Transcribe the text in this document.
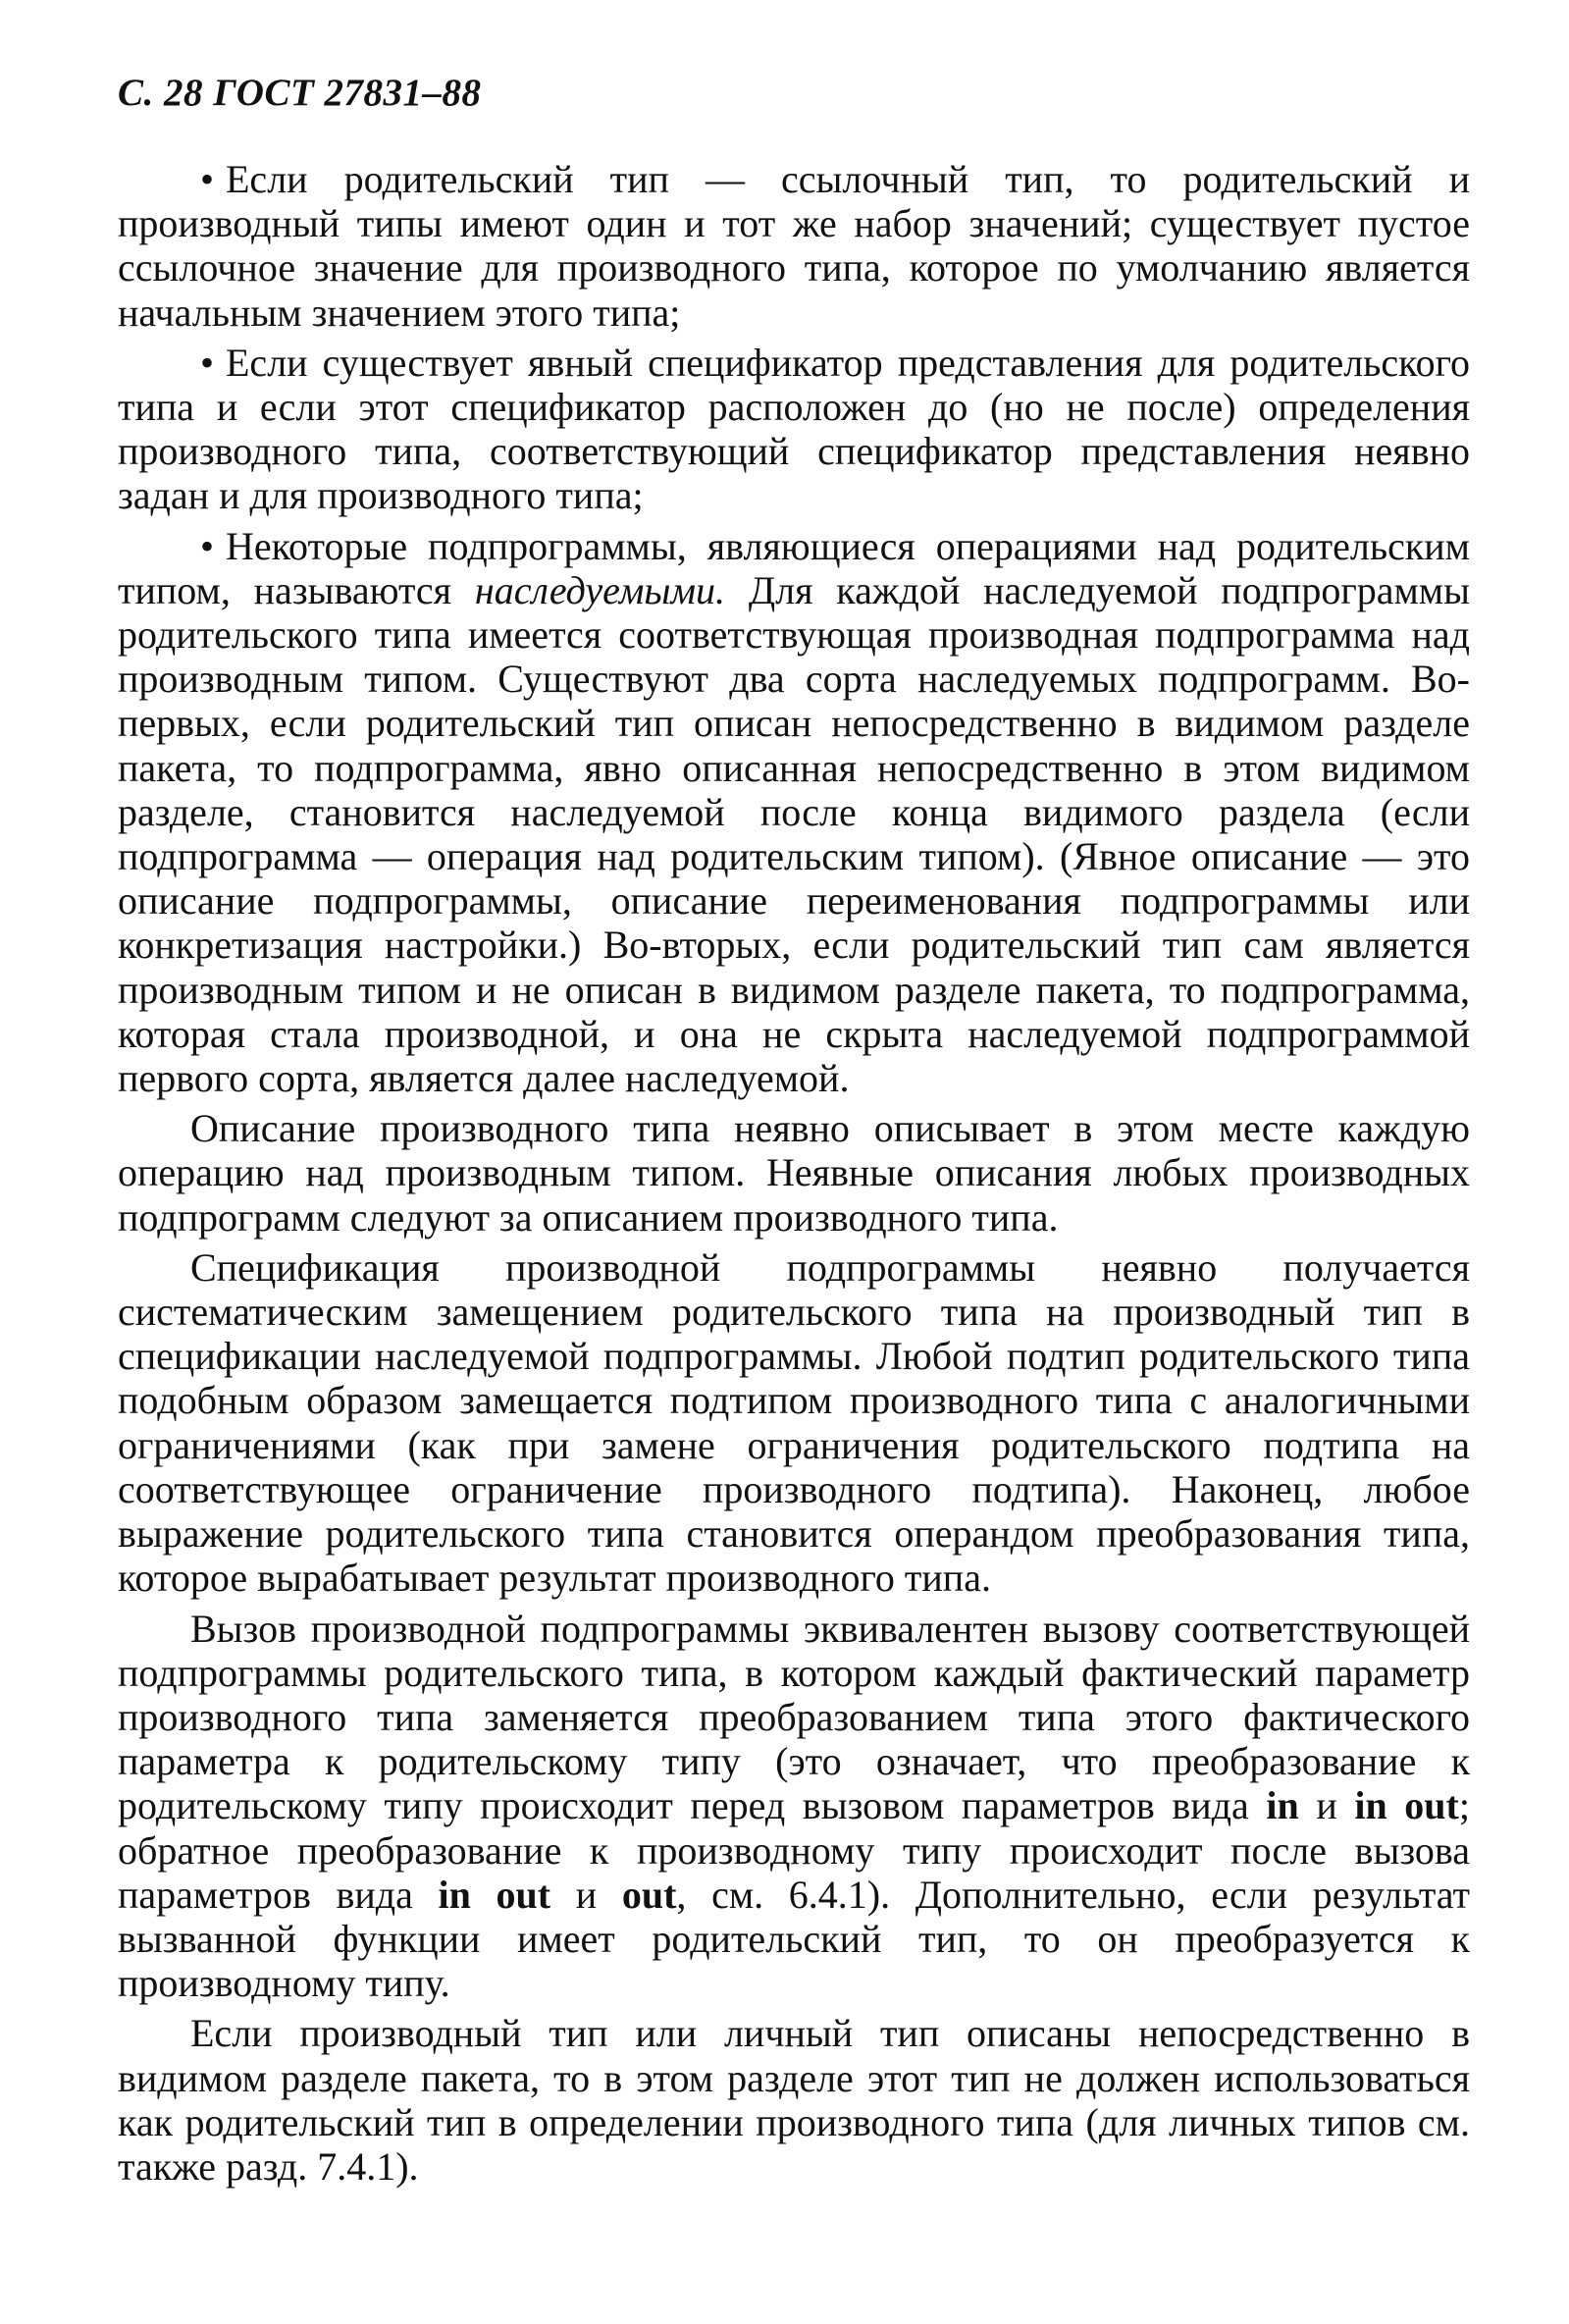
С. 28 ГОСТ 27831–88

• Если родительский тип — ссылочный тип, то родительский и производный типы имеют один и тот же набор значений; существует пустое ссылочное значение для производного типа, которое по умолчанию является начальным значением этого типа;

• Если существует явный спецификатор представления для родительского типа и если этот спецификатор расположен до (но не после) определения производного типа, соответствующий спецификатор представления неявно задан и для производного типа;

• Некоторые подпрограммы, являющиеся операциями над родительским типом, называются наследуемыми. Для каждой наследуемой подпрограммы родительского типа имеется соответствующая производная подпрограмма над производным типом. Существуют два сорта наследуемых подпрограмм. Во-первых, если родительский тип описан непосредственно в видимом разделе пакета, то подпрограмма, явно описанная непосредственно в этом видимом разделе, становится наследуемой после конца видимого раздела (если подпрограмма — операция над родительским типом). (Явное описание — это описание подпрограммы, описание переименования подпрограммы или конкретизация настройки.) Во-вторых, если родительский тип сам является производным типом и не описан в видимом разделе пакета, то подпрограмма, которая стала производной, и она не скрыта наследуемой подпрограммой первого сорта, является далее наследуемой.

Описание производного типа неявно описывает в этом месте каждую операцию над производным типом. Неявные описания любых производных подпрограмм следуют за описанием производного типа.

Спецификация производной подпрограммы неявно получается систематическим замещением родительского типа на производный тип в спецификации наследуемой подпрограммы. Любой подтип родительского типа подобным образом замещается подтипом производного типа с аналогичными ограничениями (как при замене ограничения родительского подтипа на соответствующее ограничение производного подтипа). Наконец, любое выражение родительского типа становится операндом преобразования типа, которое вырабатывает результат производного типа.

Вызов производной подпрограммы эквивалентен вызову соответствующей подпрограммы родительского типа, в котором каждый фактический параметр производного типа заменяется преобразованием типа этого фактического параметра к родительскому типу (это означает, что преобразование к родительскому типу происходит перед вызовом параметров вида in и in out; обратное преобразование к производному типу происходит после вызова параметров вида in out и out, см. 6.4.1). Дополнительно, если результат вызванной функции имеет родительский тип, то он преобразуется к производному типу.

Если производный тип или личный тип описаны непосредственно в видимом разделе пакета, то в этом разделе этот тип не должен использоваться как родительский тип в определении производного типа (для личных типов см. также разд. 7.4.1).
